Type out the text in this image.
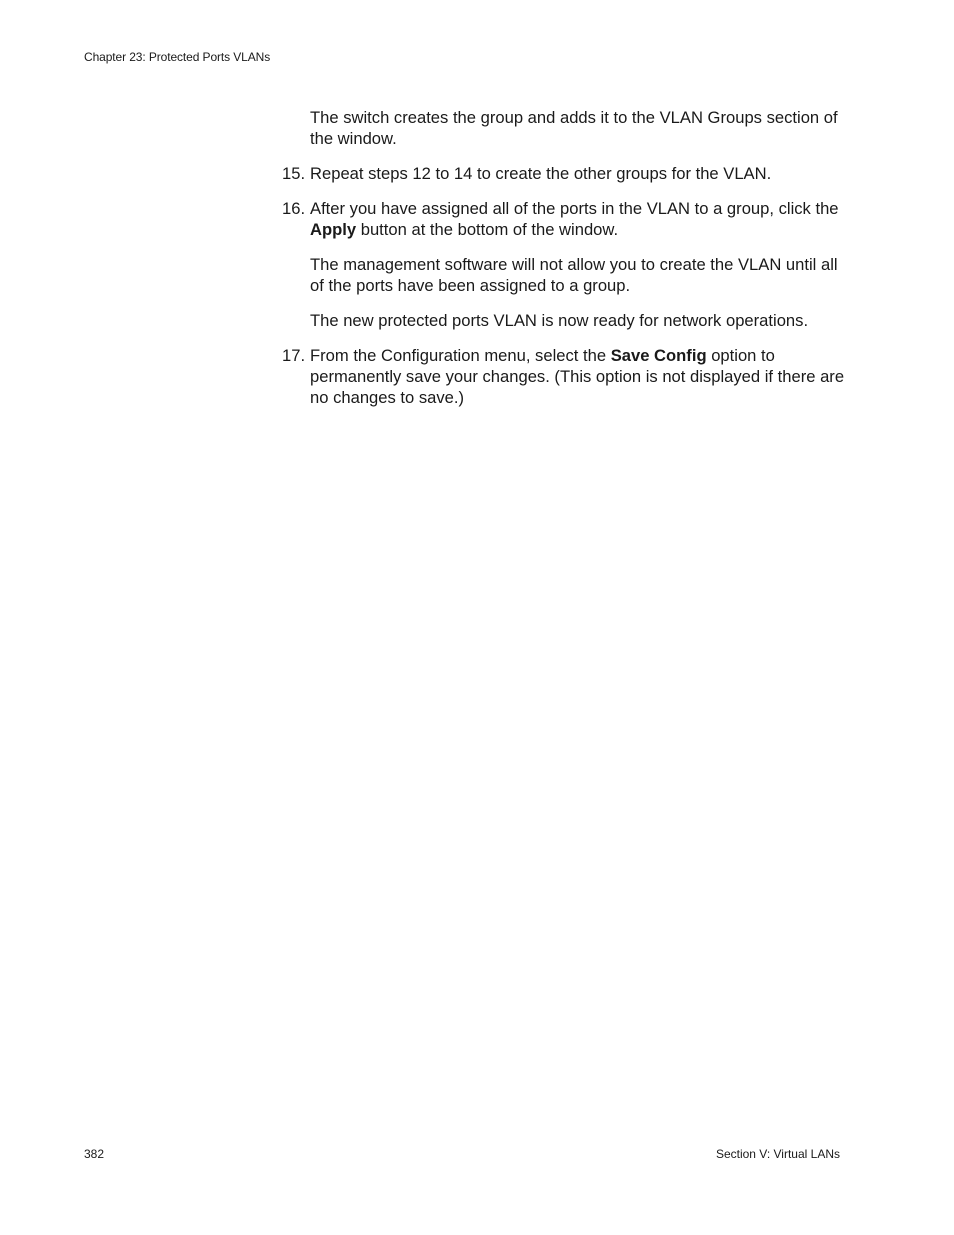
Chapter 23: Protected Ports VLANs

The switch creates the group and adds it to the VLAN Groups section of the window.

15. Repeat steps 12 to 14 to create the other groups for the VLAN.
16. After you have assigned all of the ports in the VLAN to a group, click the Apply button at the bottom of the window.

The management software will not allow you to create the VLAN until all of the ports have been assigned to a group.

The new protected ports VLAN is now ready for network operations.

17. From the Configuration menu, select the Save Config option to permanently save your changes. (This option is not displayed if there are no changes to save.)
382	Section V: Virtual LANs
